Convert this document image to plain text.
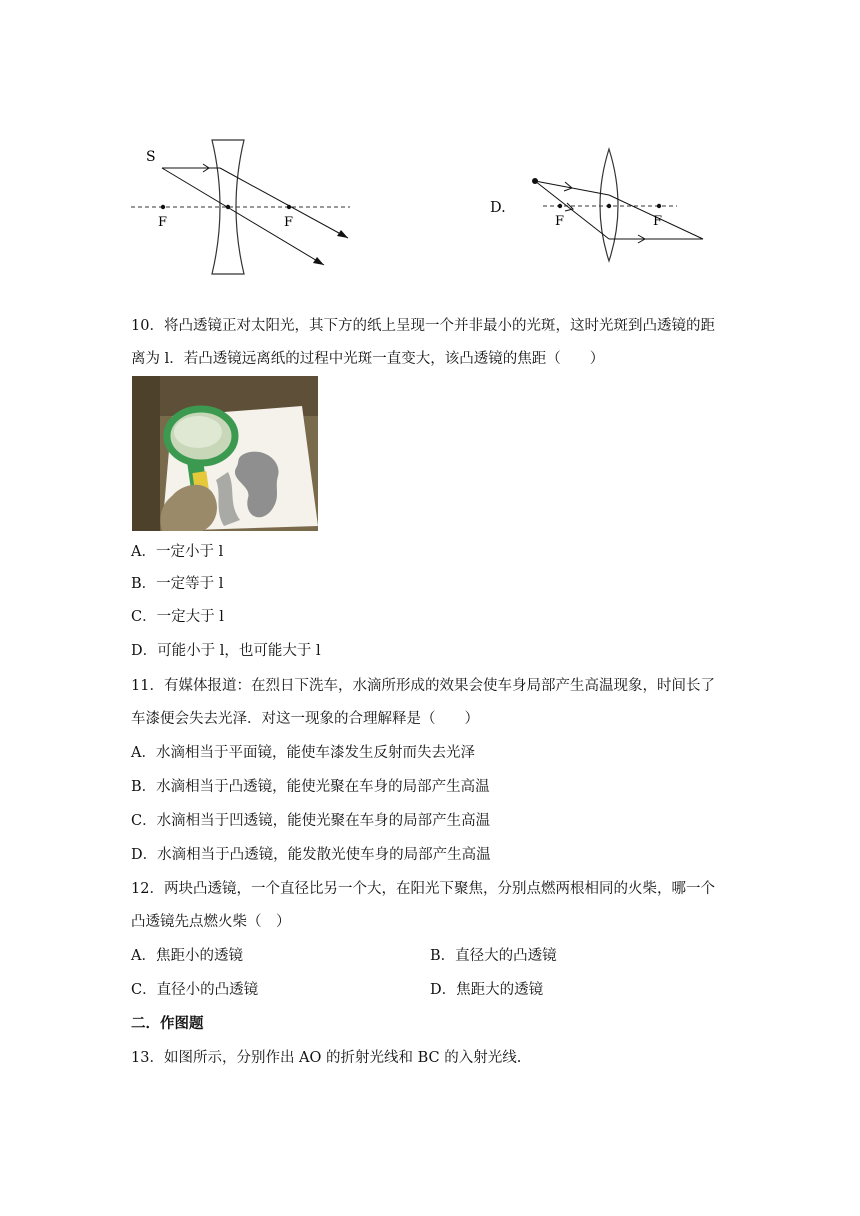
S
F	F
D.
F	F
10．将凸透镜正对太阳光，其下方的纸上呈现一个并非最小的光斑，这时光斑到凸透镜的距
离为 l．若凸透镜远离纸的过程中光斑一直变大，该凸透镜的焦距（　　）
A．一定小于 l
B．一定等于 l
C．一定大于 l
D．可能小于 l，也可能大于 l
11．有媒体报道：在烈日下洗车，水滴所形成的效果会使车身局部产生高温现象，时间长了
车漆便会失去光泽．对这一现象的合理解释是（　　）
A．水滴相当于平面镜，能使车漆发生反射而失去光泽
B．水滴相当于凸透镜，能使光聚在车身的局部产生高温
C．水滴相当于凹透镜，能使光聚在车身的局部产生高温
D．水滴相当于凸透镜，能发散光使车身的局部产生高温
12．两块凸透镜，一个直径比另一个大，在阳光下聚焦，分别点燃两根相同的火柴，哪一个
凸透镜先点燃火柴（　）
A．焦距小的透镜	B．直径大的凸透镜
C．直径小的凸透镜	D．焦距大的透镜
二．作图题
13．如图所示，分别作出 AO 的折射光线和 BC 的入射光线.
